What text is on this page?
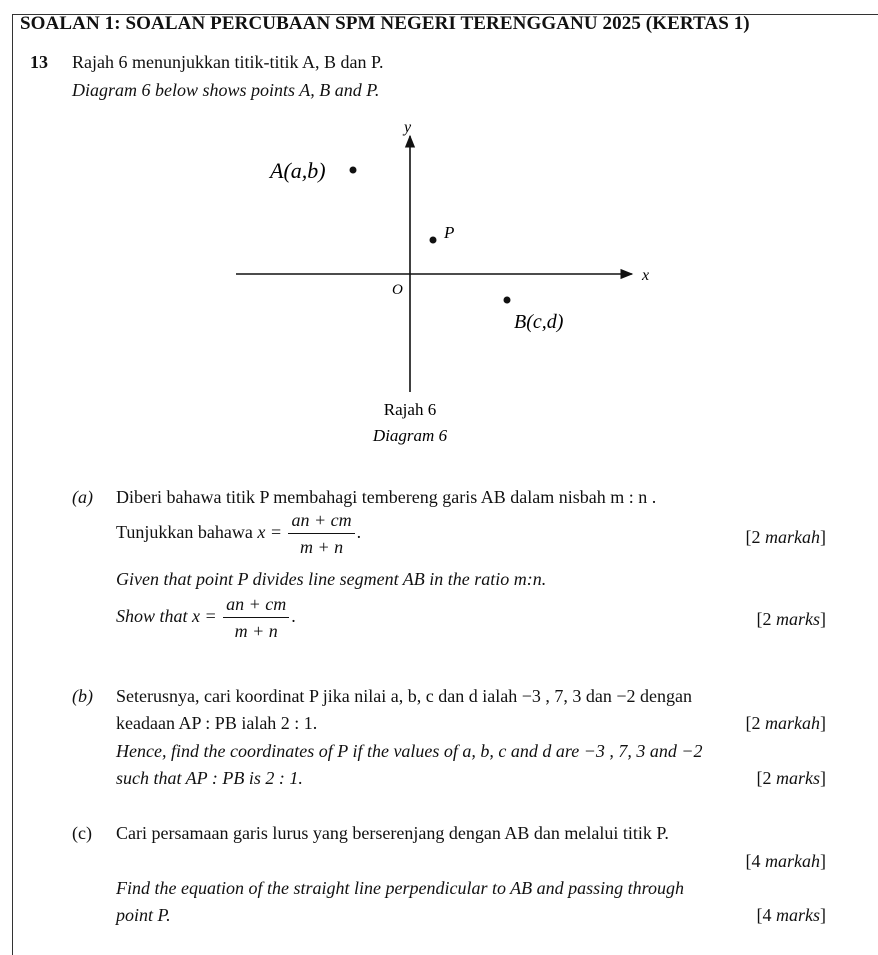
SOALAN 1: SOALAN PERCUBAAN SPM NEGERI TERENGGANU 2025 (KERTAS 1)
13 Rajah 6 menunjukkan titik-titik A, B dan P.
Diagram 6 below shows points A, B and P.
y
x
O
A(a,b)
P
B(c,d)
Rajah 6
Diagram 6
(a) Diberi bahawa titik P membahagi tembereng garis AB dalam nisbah m : n .
Tunjukkan bahawa $x = \frac{an + cm}{m + n}$ .	[2 markah]
Given that point P divides line segment AB in the ratio m:n.
Show that $x = \frac{an + cm}{m + n}$ .	[2 marks]
(b) Seterusnya, cari koordinat P jika nilai a, b, c dan d ialah −3 , 7, 3 dan −2 dengan
keadaan AP : PB ialah 2 : 1.	[2 markah]
Hence, find the coordinates of P if the values of a, b, c and d are −3 , 7, 3 and −2
such that AP : PB is 2 : 1.	[2 marks]
(c) Cari persamaan garis lurus yang berserenjang dengan AB dan melalui titik P.
[4 markah]
Find the equation of the straight line perpendicular to AB and passing through
point P.	[4 marks]
